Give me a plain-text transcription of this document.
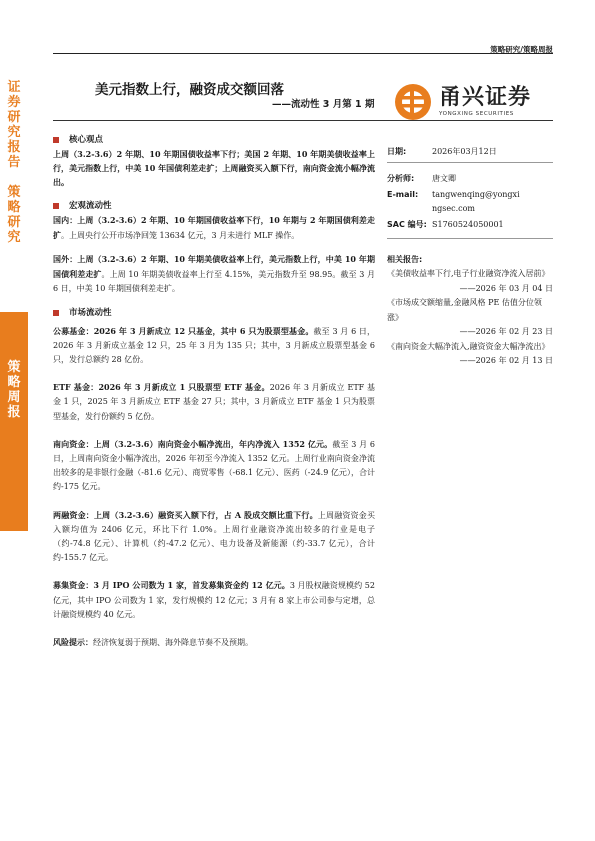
策略研究/策略周报
证
券
研
究
报
告

策
略
研
究

策
略
周
报

美元指数上行，融资成交额回落
——流动性 3 月第 1 期	甬兴证券
YONGXING SECURITIES
核心观点

上周（3.2-3.6）2 年期、10 年期国债收益率下行；美国 2 年期、10 年期美债收益率上行，美元指数上行，中美 10 年国债利差走扩；上周融资买入额下行，南向资金流小幅净流出。

宏观流动性

国内：上周（3.2-3.6）2 年期、10 年期国债收益率下行，10 年期与 2 年期国债利差走扩。上周央行公开市场净回笼 13634 亿元，3 月未进行 MLF 操作。

国外：上周（3.2-3.6）2 年期、10 年期美债收益率上行，美元指数上行，中美 10 年期国债利差走扩。上周 10 年期美债收益率上行至 4.15%，美元指数升至 98.95。截至 3 月 6 日，中美 10 年期国债利差走扩。

市场流动性

公募基金：2026 年 3 月新成立 12 只基金，其中 6 只为股票型基金。截至 3 月 6 日，2026 年 3 月新成立基金 12 只，25 年 3 月为 135 只；其中，3 月新成立股票型基金 6 只，发行总额约 28 亿份。

ETF 基金：2026 年 3 月新成立 1 只股票型 ETF 基金。2026 年 3 月新成立 ETF 基金 1 只，2025 年 3 月新成立 ETF 基金 27 只；其中，3 月新成立 ETF 基金 1 只为股票型基金，发行份额约 5 亿份。

南向资金：上周（3.2-3.6）南向资金小幅净流出，年内净流入 1352 亿元。截至 3 月 6 日，上周南向资金小幅净流出，2026 年初至今净流入 1352 亿元。上周行业南向资金净流出较多的是非银行金融（-81.6 亿元）、商贸零售（-68.1 亿元）、医药（-24.9 亿元），合计约-175 亿元。

两融资金：上周（3.2-3.6）融资买入额下行，占 A 股成交额比重下行。上周融资资金买入额均值为 2406 亿元，环比下行 1.0%。上周行业融资净流出较多的行业是电子（约-74.8 亿元）、计算机（约-47.2 亿元）、电力设备及新能源（约-33.7 亿元），合计约-155.7 亿元。

募集资金：3 月 IPO 公司数为 1 家，首发募集资金约 12 亿元。3 月股权融资规模约 52 亿元，其中 IPO 公司数为 1 家，发行规模约 12 亿元；3 月有 8 家上市公司参与定增，总计融资规模约 40 亿元。

风险提示：经济恢复弱于预期、海外降息节奏不及预期。

日期:	2026年03月12日
分析师:	唐文卿
E-mail:	tangwenqing@yongxi
ngsec.com
SAC 编号: S1760524050001
相关报告:
《美债收益率下行,电子行业融资净流入居前》
——2026 年 03 月 04 日
《市场成交额缩量,金融风格 PE 估值分位领涨》
——2026 年 02 月 23 日
《南向资金大幅净流入,融资资金大幅净流出》
——2026 年 02 月 13 日
